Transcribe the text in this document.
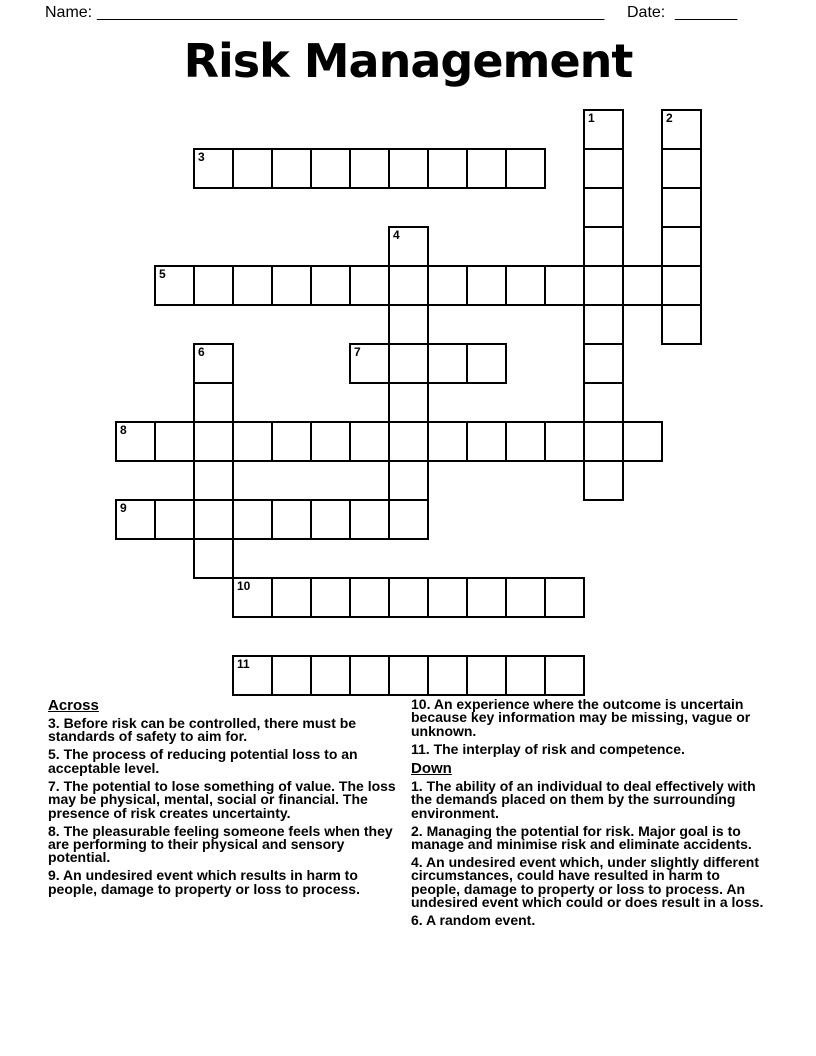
Name: _________________________________________________________ Date: _______
Risk Management
1	2
3
4
5
6	7
8
9
10
11
Across
3. Before risk can be controlled, there must be standards of safety to aim for.
5. The process of reducing potential loss to an acceptable level.
7. The potential to lose something of value. The loss may be physical, mental, social or financial. The presence of risk creates uncertainty.
8. The pleasurable feeling someone feels when they are performing to their physical and sensory potential.
9. An undesired event which results in harm to people, damage to property or loss to process.
10. An experience where the outcome is uncertain because key information may be missing, vague or unknown.
11. The interplay of risk and competence.
Down
1. The ability of an individual to deal effectively with the demands placed on them by the surrounding environment.
2. Managing the potential for risk. Major goal is to manage and minimise risk and eliminate accidents.
4. An undesired event which, under slightly different circumstances, could have resulted in harm to people, damage to property or loss to process. An undesired event which could or does result in a loss.
6. A random event.
